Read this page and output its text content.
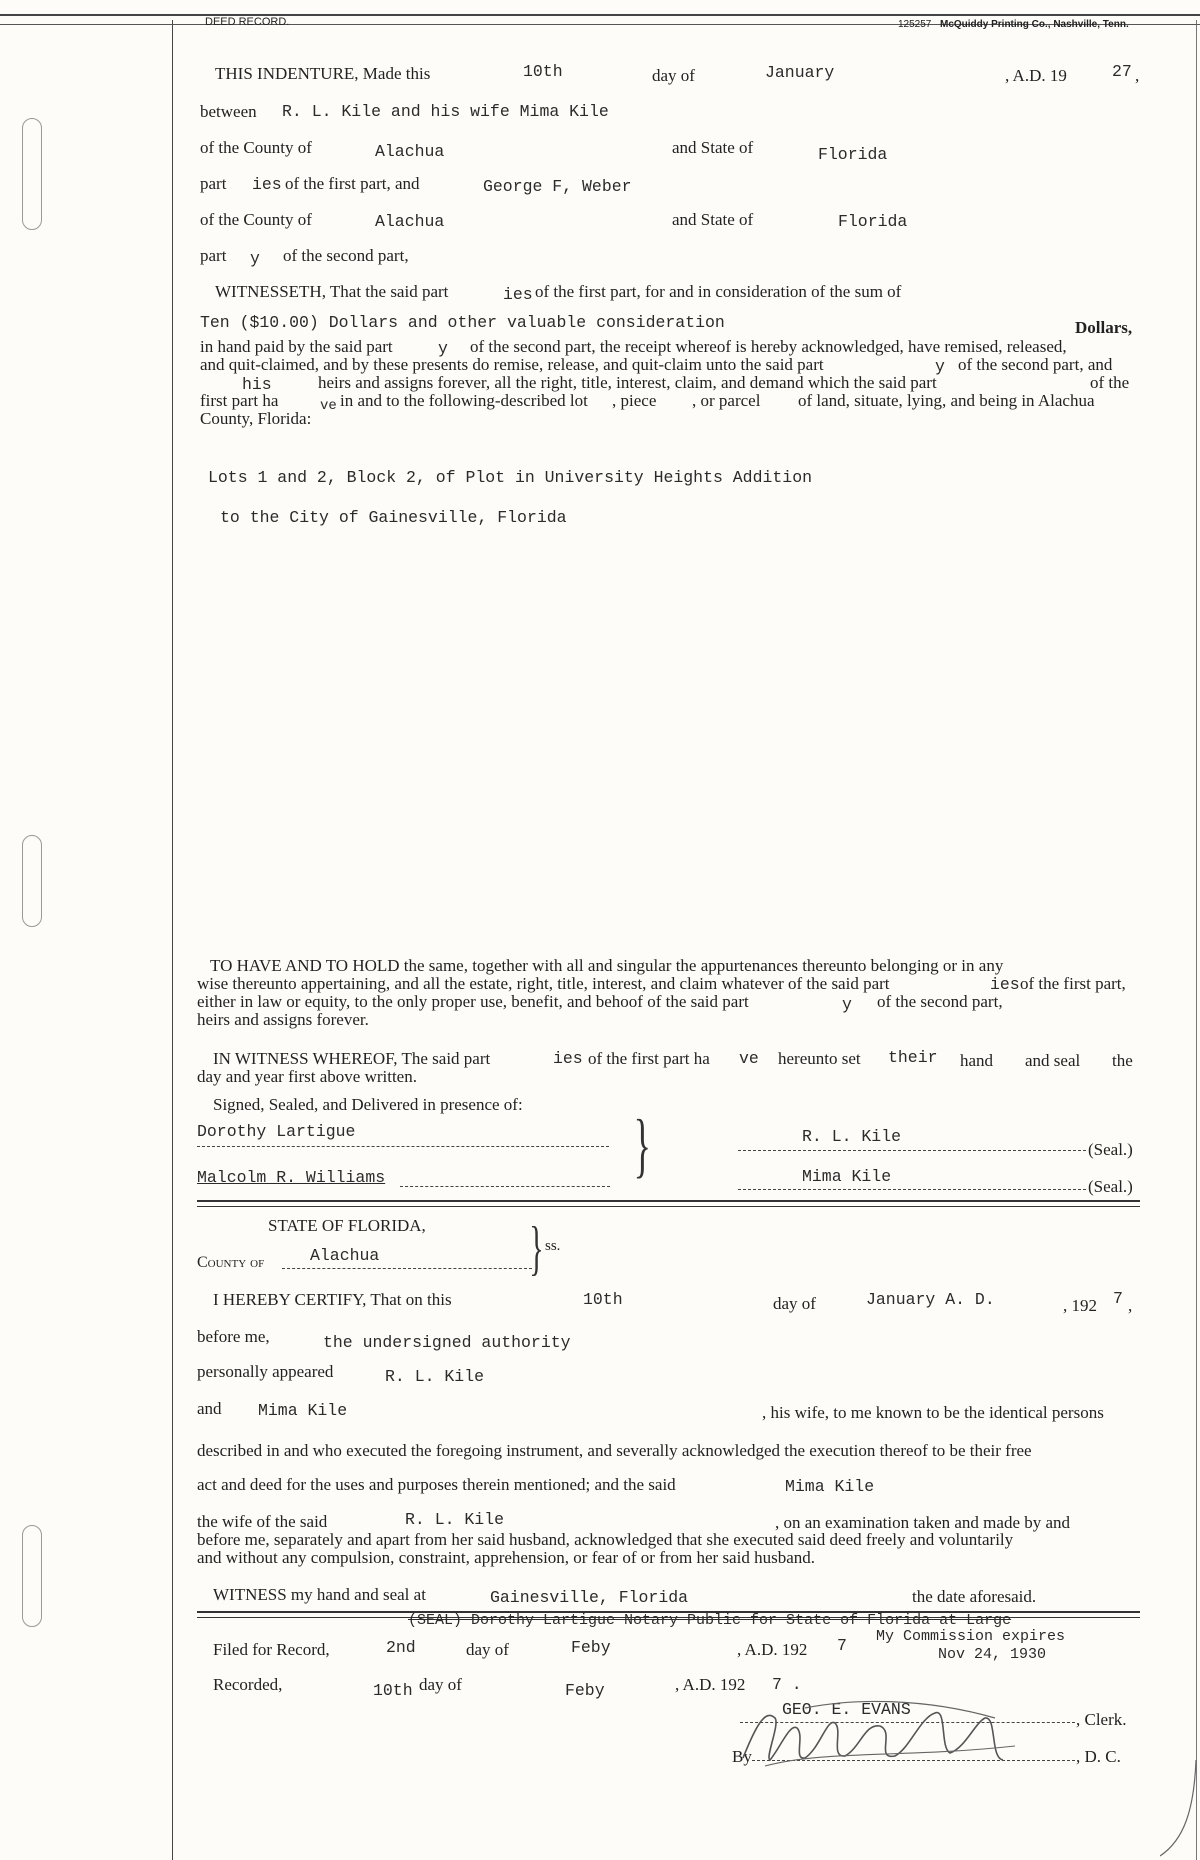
DEED RECORD.	125257 McQuiddy Printing Co., Nashville, Tenn.
THIS INDENTURE, Made this	10th	day of	January	, A.D. 19	27 ,
between R. L. Kile and his wife Mima Kile
of the County of	Alachua	and State of	Florida
part ies of the first part, and	George F, Weber
of the County of	Alachua	and State of	Florida
part y of the second part,
WITNESSETH, That the said part	ies of the first part, for and in consideration of the sum of
Ten ($10.00) Dollars and other valuable consideration	Dollars,
in hand paid by the said part	y of the second part, the receipt whereof is hereby acknowledged, have remised, released,
and quit-claimed, and by these presents do remise, release, and quit-claim unto the said part	y of the second part, and
his	heirs and assigns forever, all the right, title, interest, claim, and demand which the said part	of the
first part ha	ve in and to the following-described lot , piece , or parcel of land, situate, lying, and being in Alachua
County, Florida:
Lots 1 and 2, Block 2, of Plot in University Heights Addition
to the City of Gainesville, Florida
TO HAVE AND TO HOLD the same, together with all and singular the appurtenances thereunto belonging or in any
wise thereunto appertaining, and all the estate, right, title, interest, and claim whatever of the said part	ies of the first part,
either in law or equity, to the only proper use, benefit, and behoof of the said part	y of the second part,
heirs and assigns forever.
IN WITNESS WHEREOF, The said part	ies of the first part ha ve hereunto set their hand and seal the
day and year first above written.
Signed, Sealed, and Delivered in presence of:
Dorothy Lartigue
Malcolm R. Williams	}	R. L. Kile
(Seal.)
Mima Kile
(Seal.)
STATE OF FLORIDA,
County of	Alachua } ss.
I HEREBY CERTIFY, That on this	10th	day of	January A. D.	, 192 7 ,
before me,	the undersigned authority
personally appeared	R. L. Kile
and Mima Kile	, his wife, to me known to be the identical persons
described in and who executed the foregoing instrument, and severally acknowledged the execution thereof to be their free
act and deed for the uses and purposes therein mentioned; and the said	Mima Kile
the wife of the said	R. L. Kile	, on an examination taken and made by and
before me, separately and apart from her said husband, acknowledged that she executed said deed freely and voluntarily
and without any compulsion, constraint, apprehension, or fear of or from her said husband.
WITNESS my hand and seal at	Gainesville, Florida	the date aforesaid.
(SEAL) Dorothy Lartigue Notary Public for State of Florida at Large
My Commission expires
Nov 24, 1930
Filed for Record,	2nd	day of	Feby	, A.D. 192 7
Recorded,	10th day of	Feby	, A.D. 192 7 .
GEO. E. EVANS
, Clerk.
By	, D. C.
